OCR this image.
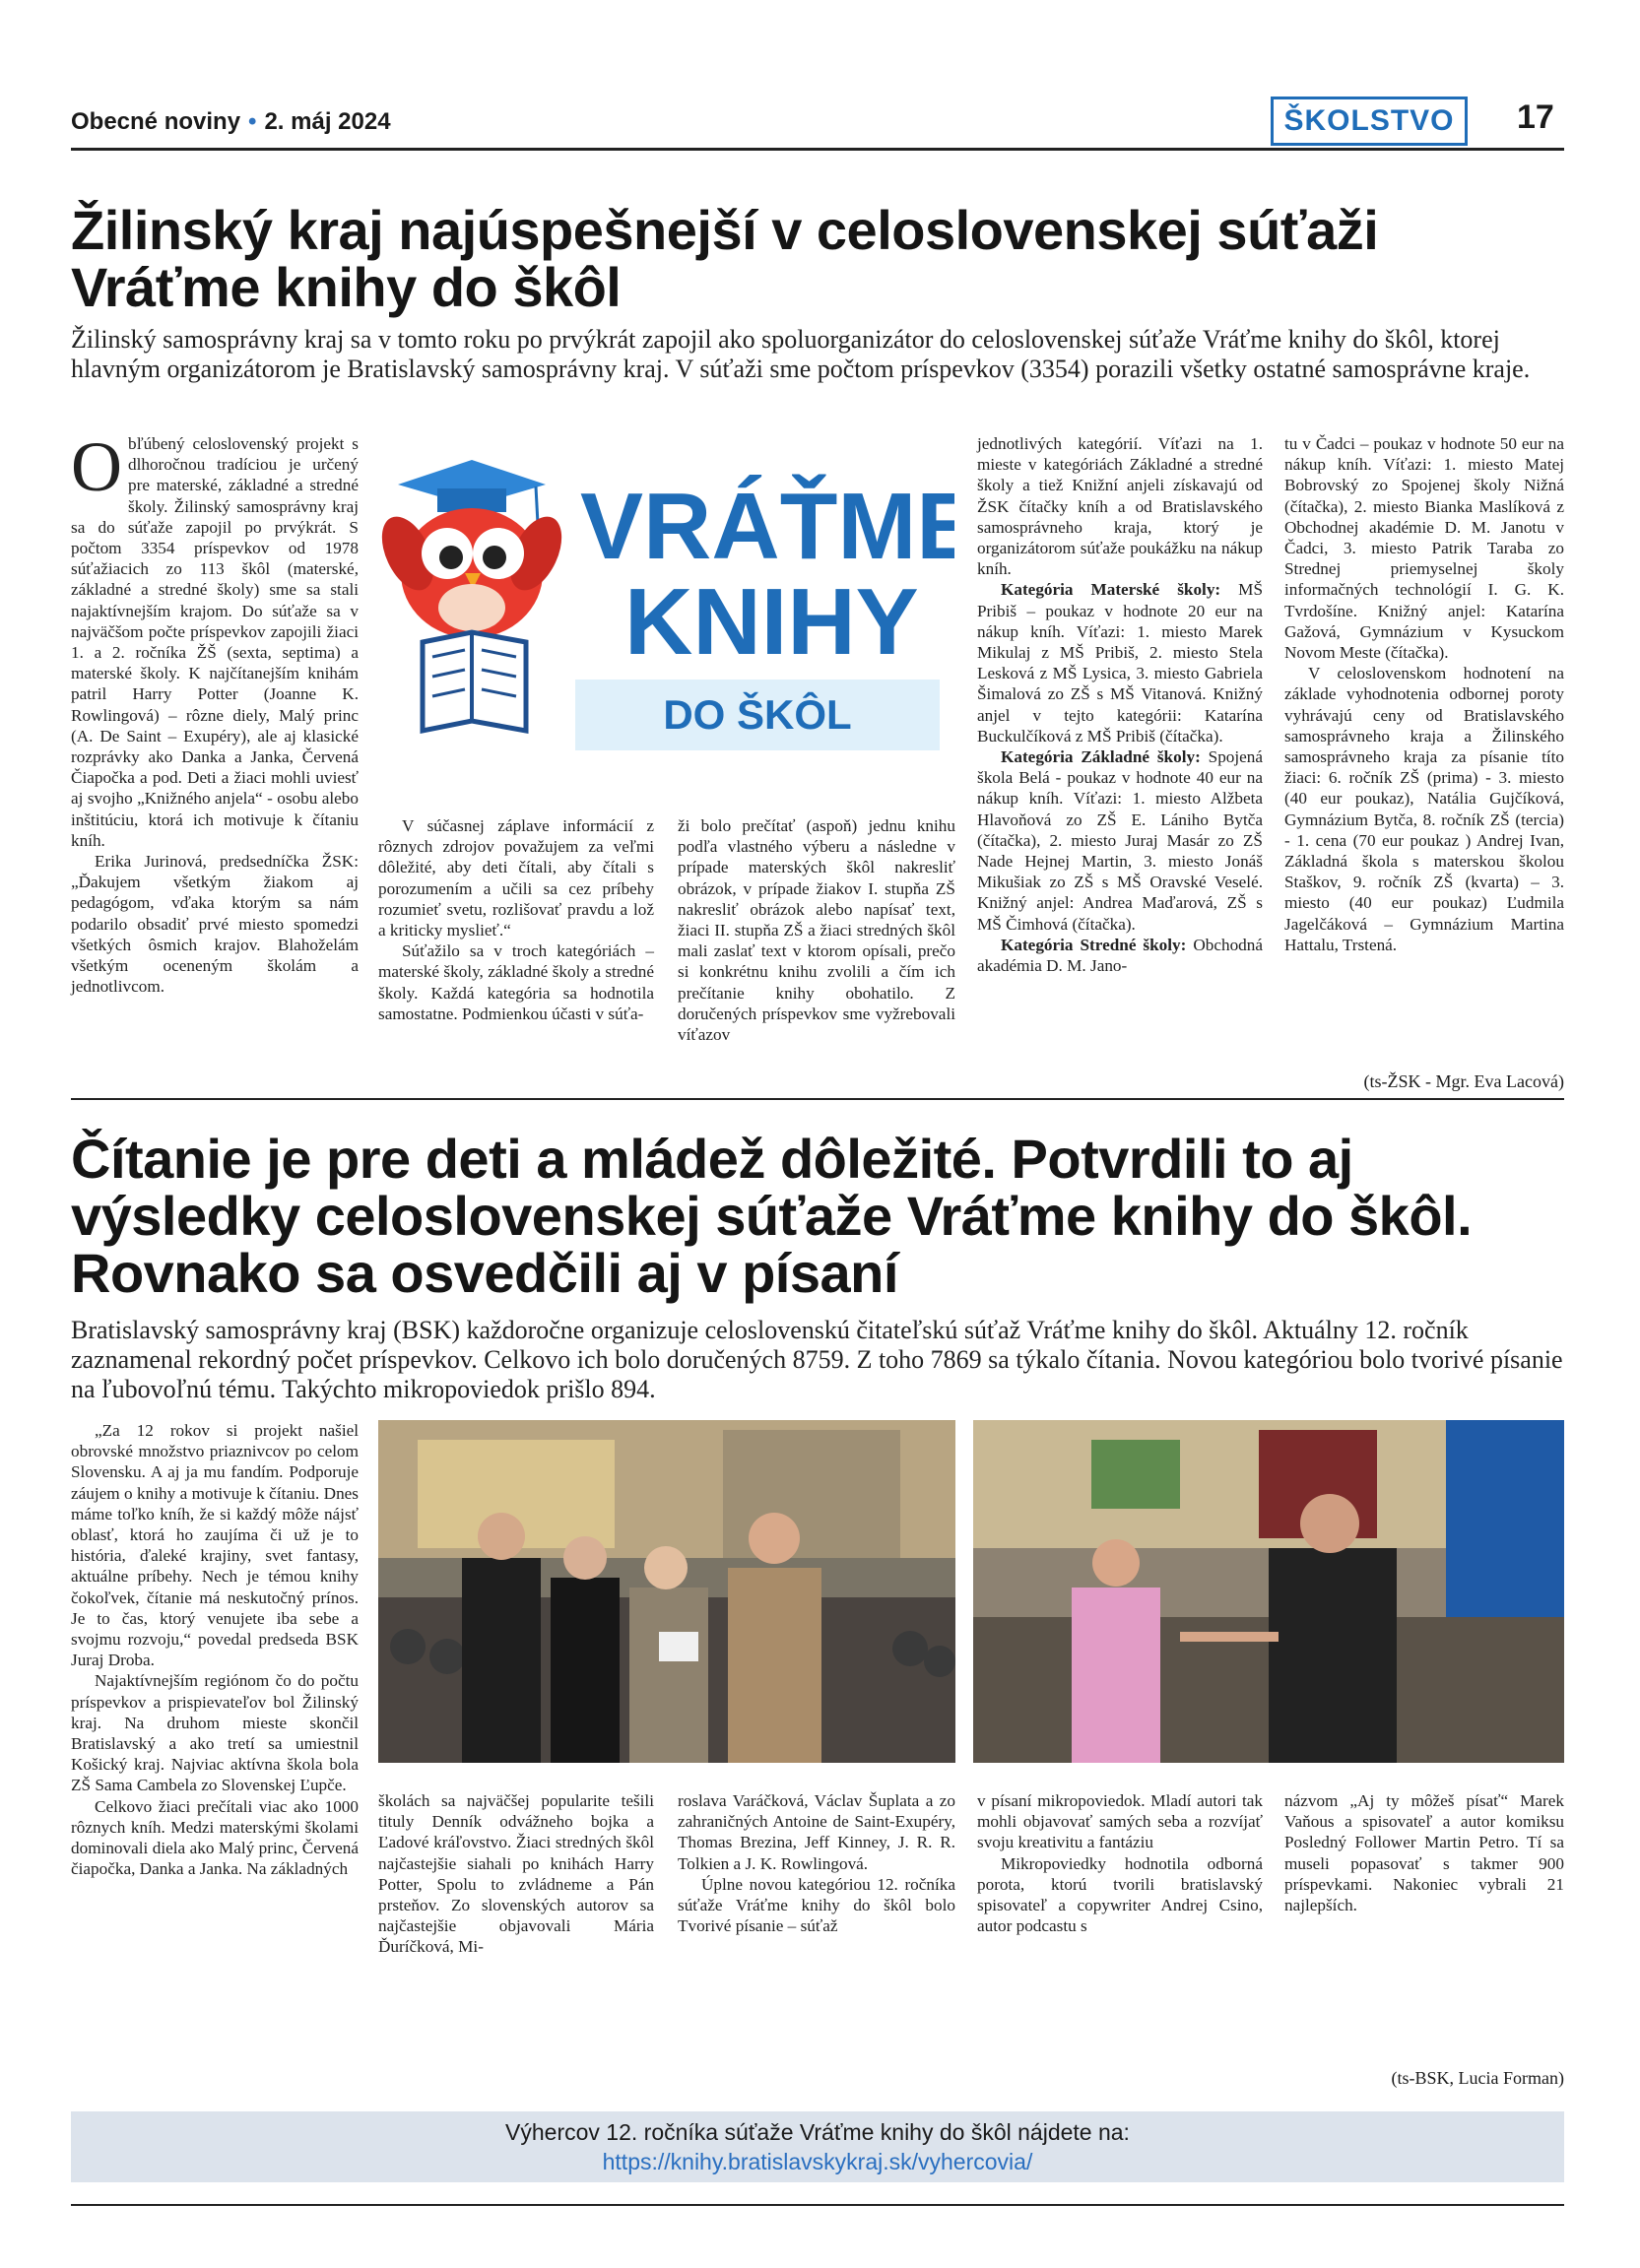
Obecné noviny • 2. máj 2024	ŠKOLSTVO	17
Žilinský kraj najúspešnejší v celoslovenskej súťaži
Vráťme knihy do škôl
Žilinský samosprávny kraj sa v tomto roku po prvýkrát zapojil ako spoluorganizátor do celoslovenskej súťaže Vráťme knihy do škôl, ktorej hlavným organizátorom je Bratislavský samosprávny kraj. V súťaži sme počtom príspevkov (3354) porazili všetky ostatné samosprávne kraje.

Obľúbený celoslovenský projekt s dlhoročnou tradíciou je určený pre materské, základné a stredné školy. Žilinský samosprávny kraj sa do súťaže zapojil po prvýkrát. S počtom 3354 príspevkov od 1978 súťažiacich zo 113 škôl (materské, základné a stredné školy) sme sa stali najaktívnejším krajom. Do súťaže sa v najväčšom počte príspevkov zapojili žiaci 1. a 2. ročníka ŽŠ (sexta, septima) a materské školy. K najčítanejším knihám patril Harry Potter (Joanne K. Rowlingová) – rôzne diely, Malý princ (A. De Saint – Exupéry), ale aj klasické rozprávky ako Danka a Janka, Červená Čiapočka a pod. Deti a žiaci mohli uviesť aj svojho „Knižného anjela“ - osobu alebo inštitúciu, ktorá ich motivuje k čítaniu kníh.

Erika Jurinová, predsedníčka ŽSK: „Ďakujem všetkým žiakom aj pedagógom, vďaka ktorým sa nám podarilo obsadiť prvé miesto spomedzi všetkých ôsmich krajov. Blahoželám všetkým oceneným školám a jednotlivcom.

VRÁŤME
KNIHY
DO ŠKÔL

V súčasnej záplave informácií z rôznych zdrojov považujem za veľmi dôležité, aby deti čítali, aby čítali s porozumením a učili sa cez príbehy rozumieť svetu, rozlišovať pravdu a lož a kriticky myslieť.“

Súťažilo sa v troch kategóriách – materské školy, základné školy a stredné školy. Každá kategória sa hodnotila samostatne. Podmienkou účasti v súťa-

ži bolo prečítať (aspoň) jednu knihu podľa vlastného výberu a následne v prípade materských škôl nakresliť obrázok, v prípade žiakov I. stupňa ZŠ nakresliť obrázok alebo napísať text, žiaci II. stupňa ZŠ a žiaci stredných škôl mali zaslať text v ktorom opísali, prečo si konkrétnu knihu zvolili a čím ich prečítanie knihy obohatilo. Z doručených príspevkov sme vyžrebovali víťazov

jednotlivých kategórií. Víťazi na 1. mieste v kategóriách Základné a stredné školy a tiež Knižní anjeli získavajú od ŽSK čítačky kníh a od Bratislavského samosprávneho kraja, ktorý je organizátorom súťaže poukážku na nákup kníh.

Kategória Materské školy: MŠ Pribiš – poukaz v hodnote 20 eur na nákup kníh. Víťazi: 1. miesto Marek Mikulaj z MŠ Pribiš, 2. miesto Stela Lesková z MŠ Lysica, 3. miesto Gabriela Šimalová zo ZŠ s MŠ Vitanová. Knižný anjel v tejto kategórii: Katarína Buckulčíková z MŠ Pribiš (čítačka).

Kategória Základné školy: Spojená škola Belá - poukaz v hodnote 40 eur na nákup kníh. Víťazi: 1. miesto Alžbeta Hlavoňová zo ZŠ E. Lániho Bytča (čítačka), 2. miesto Juraj Masár zo ZŠ Nade Hejnej Martin, 3. miesto Jonáš Mikušiak zo ZŠ s MŠ Oravské Veselé. Knižný anjel: Andrea Maďarová, ZŠ s MŠ Čimhová (čítačka).

Kategória Stredné školy: Obchodná akadémia D. M. Jano-

tu v Čadci – poukaz v hodnote 50 eur na nákup kníh. Víťazi: 1. miesto Matej Bobrovský zo Spojenej školy Nižná (čítačka), 2. miesto Bianka Maslíková z Obchodnej akadémie D. M. Janotu v Čadci, 3. miesto Patrik Taraba zo Strednej priemyselnej školy informačných technológií I. G. K. Tvrdošíne. Knižný anjel: Katarína Gažová, Gymnázium v Kysuckom Novom Meste (čítačka).

V celoslovenskom hodnotení na základe vyhodnotenia odbornej poroty vyhrávajú ceny od Bratislavského samosprávneho kraja a Žilinského samosprávneho kraja za písanie títo žiaci: 6. ročník ZŠ (prima) - 3. miesto (40 eur poukaz), Natália Gujčíková, Gymnázium Bytča, 8. ročník ZŠ (tercia) - 1. cena (70 eur poukaz ) Andrej Ivan, Základná škola s materskou školou Staškov, 9. ročník ZŠ (kvarta) – 3. miesto (40 eur poukaz) Ľudmila Jagelčáková – Gymnázium Martina Hattalu, Trstená.

(ts-ŽSK - Mgr. Eva Lacová)
Čítanie je pre deti a mládež dôležité. Potvrdili to aj
výsledky celoslovenskej súťaže Vráťme knihy do škôl.
Rovnako sa osvedčili aj v písaní
Bratislavský samosprávny kraj (BSK) každoročne organizuje celoslovenskú čitateľskú súťaž Vráťme knihy do škôl. Aktuálny 12. ročník zaznamenal rekordný počet príspevkov. Celkovo ich bolo doručených 8759. Z toho 7869 sa týkalo čítania. Novou kategóriou bolo tvorivé písanie na ľubovoľnú tému. Takýchto mikropoviedok prišlo 894.

„Za 12 rokov si projekt našiel obrovské množstvo priaznivcov po celom Slovensku. A aj ja mu fandím. Podporuje záujem o knihy a motivuje k čítaniu. Dnes máme toľko kníh, že si každý môže nájsť oblasť, ktorá ho zaujíma či už je to história, ďaleké krajiny, svet fantasy, aktuálne príbehy. Nech je témou knihy čokoľvek, čítanie má neskutočný prínos. Je to čas, ktorý venujete iba sebe a svojmu rozvoju,“ povedal predseda BSK Juraj Droba.

Najaktívnejším regiónom čo do počtu príspevkov a prispievateľov bol Žilinský kraj. Na druhom mieste skončil Bratislavský a ako tretí sa umiestnil Košický kraj. Najviac aktívna škola bola ZŠ Sama Cambela zo Slovenskej Ľupče.

Celkovo žiaci prečítali viac ako 1000 rôznych kníh. Medzi materskými školami dominovali diela ako Malý princ, Červená čiapočka, Danka a Janka. Na základných

školách sa najväčšej popularite tešili tituly Denník odvážneho bojka a Ľadové kráľovstvo. Žiaci stredných škôl najčastejšie siahali po knihách Harry Potter, Spolu to zvládneme a Pán prsteňov. Zo slovenských autorov sa najčastejšie objavovali Mária Ďuríčková, Mi-

roslava Varáčková, Václav Šuplata a zo zahraničných Antoine de Saint-Exupéry, Thomas Brezina, Jeff Kinney, J. R. R. Tolkien a J. K. Rowlingová.

Úplne novou kategóriou 12. ročníka súťaže Vráťme knihy do škôl bolo Tvorivé písanie – súťaž

v písaní mikropoviedok. Mladí autori tak mohli objavovať samých seba a rozvíjať svoju kreativitu a fantáziu

Mikropoviedky hodnotila odborná porota, ktorú tvorili bratislavský spisovateľ a copywriter Andrej Csino, autor podcastu s

názvom „Aj ty môžeš písať“ Marek Vaňous a spisovateľ a autor komiksu Posledný Follower Martin Petro. Tí sa museli popasovať s takmer 900 príspevkami. Nakoniec vybrali 21 najlepších.

(ts-BSK, Lucia Forman)
Výhercov 12. ročníka súťaže Vráťme knihy do škôl nájdete na:
https://knihy.bratislavskykraj.sk/vyhercovia/
